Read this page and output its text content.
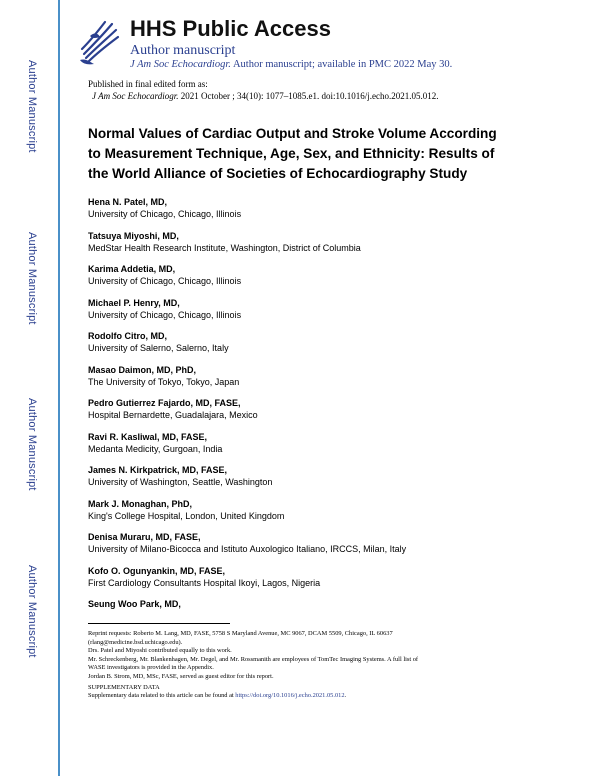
Author Manuscript
Author Manuscript
Author Manuscript
Author Manuscript
HHS Public Access
Author manuscript
J Am Soc Echocardiogr. Author manuscript; available in PMC 2022 May 30.
Published in final edited form as:
J Am Soc Echocardiogr. 2021 October ; 34(10): 1077–1085.e1. doi:10.1016/j.echo.2021.05.012.
Normal Values of Cardiac Output and Stroke Volume According to Measurement Technique, Age, Sex, and Ethnicity: Results of the World Alliance of Societies of Echocardiography Study
Hena N. Patel, MD,
University of Chicago, Chicago, Illinois
Tatsuya Miyoshi, MD,
MedStar Health Research Institute, Washington, District of Columbia
Karima Addetia, MD,
University of Chicago, Chicago, Illinois
Michael P. Henry, MD,
University of Chicago, Chicago, Illinois
Rodolfo Citro, MD,
University of Salerno, Salerno, Italy
Masao Daimon, MD, PhD,
The University of Tokyo, Tokyo, Japan
Pedro Gutierrez Fajardo, MD, FASE,
Hospital Bernardette, Guadalajara, Mexico
Ravi R. Kasliwal, MD, FASE,
Medanta Medicity, Gurgoan, India
James N. Kirkpatrick, MD, FASE,
University of Washington, Seattle, Washington
Mark J. Monaghan, PhD,
King's College Hospital, London, United Kingdom
Denisa Muraru, MD, FASE,
University of Milano-Bicocca and Istituto Auxologico Italiano, IRCCS, Milan, Italy
Kofo O. Ogunyankin, MD, FASE,
First Cardiology Consultants Hospital Ikoyi, Lagos, Nigeria
Seung Woo Park, MD,
Reprint requests: Roberto M. Lang, MD, FASE, 5758 S Maryland Avenue, MC 9067, DCAM 5509, Chicago, IL 60637
(rlang@medicine.bsd.uchicago.edu).
Drs. Patel and Miyoshi contributed equally to this work.
Mr. Schreckenberg, Mr. Blankenhagen, Mr. Degel, and Mr. Rossmanith are employees of TomTec Imaging Systems. A full list of
WASE investigators is provided in the Appendix.
Jordan B. Strom, MD, MSc, FASE, served as guest editor for this report.
SUPPLEMENTARY DATA
Supplementary data related to this article can be found at https://doi.org/10.1016/j.echo.2021.05.012.
